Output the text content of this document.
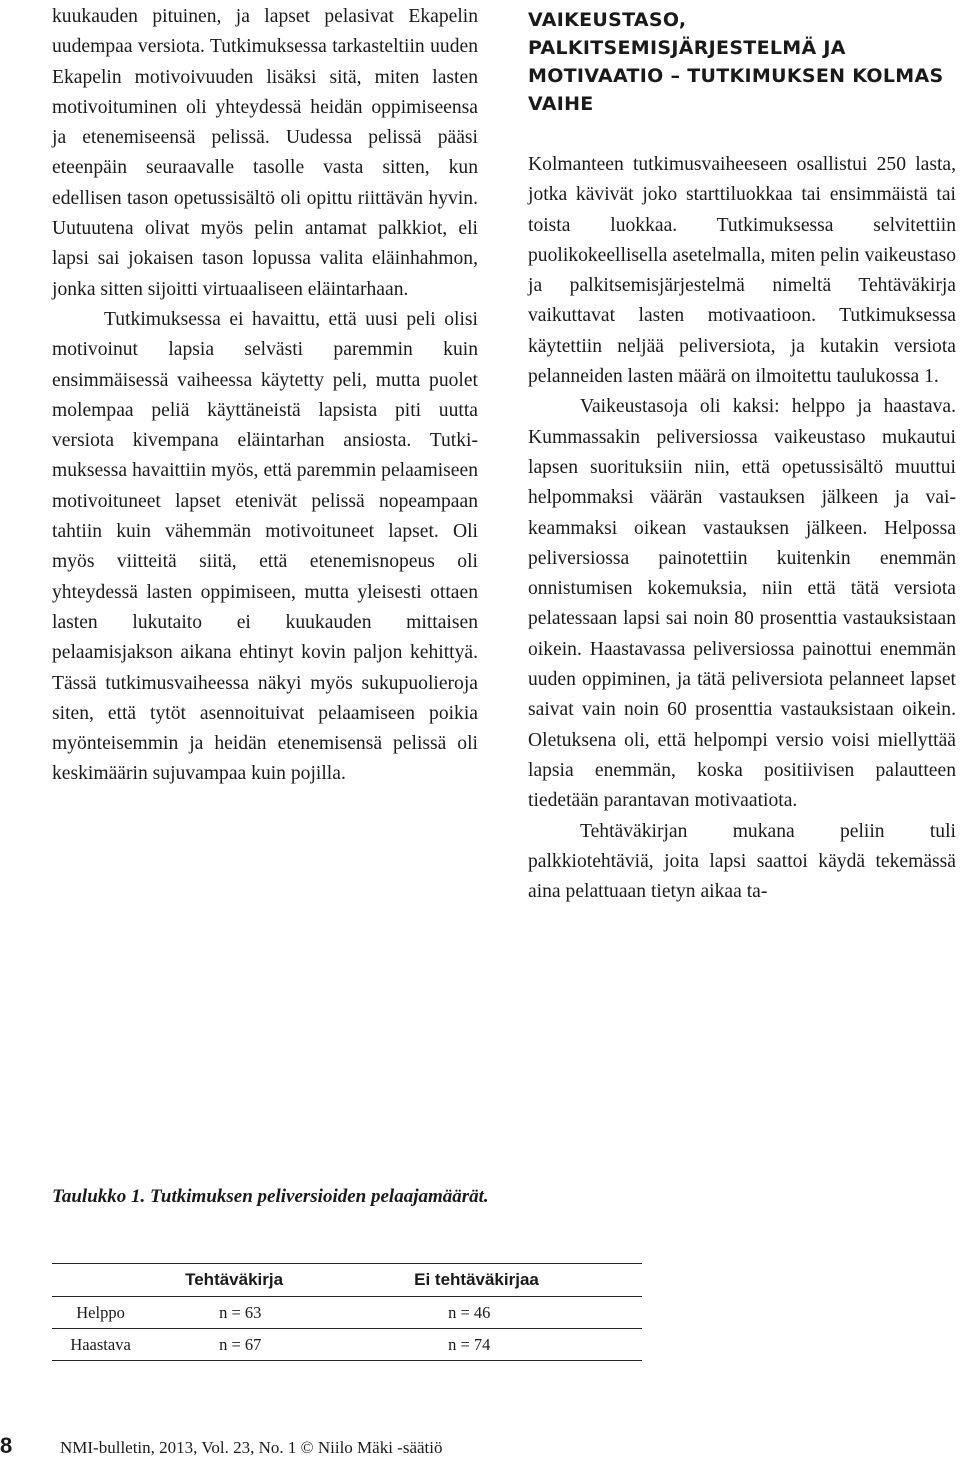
kuukauden pituinen, ja lapset pelasivat Ekapelin uudempaa versiota. Tutkimuksessa tarkasteltiin uuden Ekapelin motivoivuuden lisäksi sitä, miten lasten motivoituminen oli yhteydessä heidän oppimiseensa ja etenemiseensä pelissä. Uudessa pelissä pääsi eteenpäin seuraavalle tasolle vasta sitten, kun edellisen tason opetussisältö oli opittu riittävän hyvin. Uutuutena olivat myös pelin antamat palkkiot, eli lapsi sai jokaisen tason lopussa valita eläinhahmon, jonka sitten sijoitti virtuaaliseen eläintarhaan.

Tutkimuksessa ei havaittu, että uusi peli olisi motivoinut lapsia selvästi paremmin kuin ensimmäisessä vaiheessa käytetty peli, mutta puolet molempaa peliä käyttäneistä lapsista piti uutta versiota kivempana eläintarhan ansiosta. Tutkimuksessa havaittiin myös, että paremmin pelaamiseen motivoituneet lapset etenivät pelissä nopeampaan tahtiin kuin vähemmän motivoituneet lapset. Oli myös viitteitä siitä, että etenemisnopeus oli yhteydessä lasten oppimiseen, mutta yleisesti ottaen lasten lukutaito ei kuukauden mittaisen pelaamisjakson aikana ehtinyt kovin paljon kehittyä. Tässä tutkimusvaiheessa näkyi myös sukupuolieroja siten, että tytöt asennoituivat pelaamiseen poikia myönteisemmin ja heidän etenemisensä pelissä oli keskimäärin sujuvampaa kuin pojilla.

VAIKEUSTASO, PALKITSEMISJÄRJESTELMÄ JA MOTIVAATIO – TUTKIMUKSEN KOLMAS VAIHE

Kolmanteen tutkimusvaiheeseen osallistui 250 lasta, jotka kävivät joko starttiluokkaa tai ensimmäistä tai toista luokkaa. Tutkimuksessa selvitettiin puolikokeellisella asetelmalla, miten pelin vaikeustaso ja palkitsemisjärjestelmä nimeltä Tehtäväkirja vaikuttavat lasten motivaatioon. Tutkimuksessa käytettiin neljää peliversiota, ja kutakin versiota pelanneiden lasten määrä on ilmoitettu taulukossa 1.

Vaikeustasoja oli kaksi: helppo ja haastava. Kummassakin peliversiossa vaikeustaso mukautui lapsen suorituksiin niin, että opetussisältö muuttui helpommaksi väärän vastauksen jälkeen ja vaikeammaksi oikean vastauksen jälkeen. Helpossa peliversiossa painotettiin kuitenkin enemmän onnistumisen kokemuksia, niin että tätä versiota pelatessaan lapsi sai noin 80 prosenttia vastauksistaan oikein. Haastavassa peliversiossa painottui enemmän uuden oppiminen, ja tätä peliversiota pelanneet lapset saivat vain noin 60 prosenttia vastauksistaan oikein. Oletuksena oli, että helpompi versio voisi miellyttää lapsia enemmän, koska positiivisen palautteen tiedetään parantavan motivaatiota.

Tehtäväkirjan mukana peliin tuli palkkiotehtäviä, joita lapsi saattoi käydä tekemässä aina pelattuaan tietyn aikaa ta-

Taulukko 1. Tutkimuksen peliversioiden pelaajamäärät.
	Tehtäväkirja	Ei tehtäväkirjaa
Helppo	n = 63	n = 46
Haastava	n = 67	n = 74
8	NMI-bulletin, 2013, Vol. 23, No. 1 © Niilo Mäki -säätiö
